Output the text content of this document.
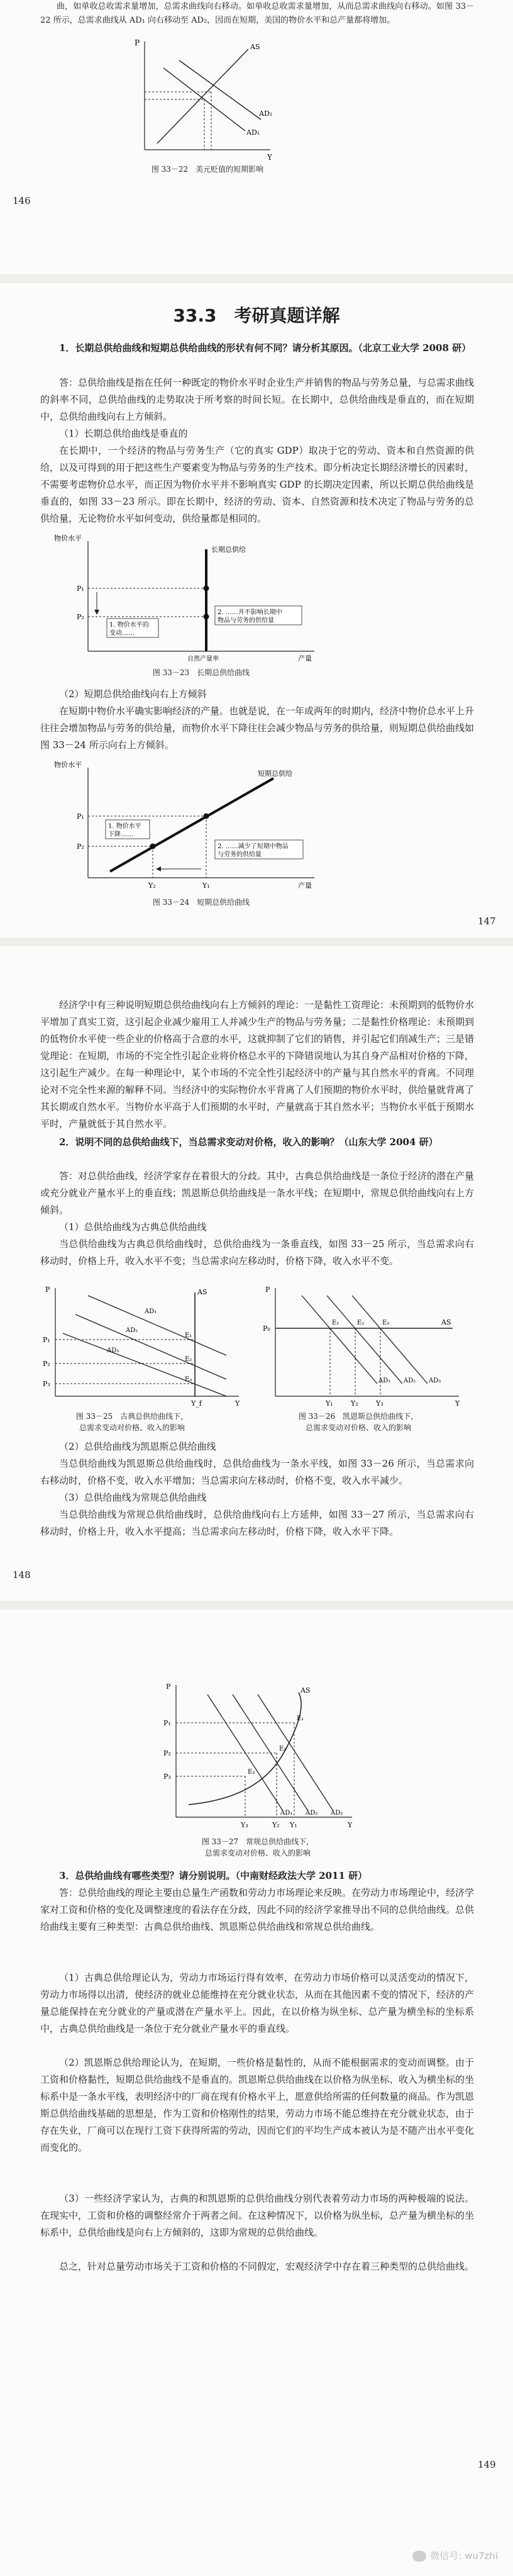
曲，如单收总收需求量增加，总需求曲线向右移动。如单收总收需求量增加，从而总需求曲线向右移动。如图 33－22 所示，总需求曲线从 AD₁ 向右移动至 AD₂，因而在短期，美国的物价水平和总产量都将增加。
P
Y
AS
AD₁
AD₂
图 33－22　美元贬值的短期影响
146
33.3　考研真题详解
1．长期总供给曲线和短期总供给曲线的形状有何不同？请分析其原因。（北京工业大学 2008 研）
答：总供给曲线是指在任何一种既定的物价水平时企业生产并销售的物品与劳务总量，与总需求曲线的斜率不同，总供给曲线的走势取决于所考察的时间长短。在长期中，总供给曲线是垂直的，而在短期中，总供给曲线向右上方倾斜。
（1）长期总供给曲线是垂直的
在长期中，一个经济的物品与劳务生产（它的真实 GDP）取决于它的劳动、资本和自然资源的供给，以及可得到的用于把这些生产要素变为物品与劳务的生产技术。即分析决定长期经济增长的因素时，不需要考虑物价总水平，而正因为物价水平并不影响真实 GDP 的长期决定因素，所以长期总供给曲线是垂直的，如图 33－23 所示。即在长期中，经济的劳动、资本、自然资源和技术决定了物品与劳务的总供给量，无论物价水平如何变动，供给量都是相同的。
物价水平
产量
长期总供给
自然产量率
P₁
P₂
1. 物价水平的
变动……
2. ……并不影响长期中
物品与劳务的供给量
图 33－23　长期总供给曲线
（2）短期总供给曲线向右上方倾斜
在短期中物价水平确实影响经济的产量。也就是说，在一年或两年的时期内，经济中物价总水平上升往往会增加物品与劳务的供给量，而物价水平下降往往会减少物品与劳务的供给量，则短期总供给曲线如图 33－24 所示向右上方倾斜。
物价水平
产量
短期总供给
P₁
P₂
Y₂	Y₁
1. 物价水平
下降……
2. ……减少了短期中物品
与劳务的供给量
图 33－24　短期总供给曲线
147
经济学中有三种说明短期总供给曲线向右上方倾斜的理论：一是黏性工资理论：未预期到的低物价水平增加了真实工资，这引起企业减少雇用工人并减少生产的物品与劳务量；二是黏性价格理论：未预期到的低物价水平使一些企业的价格高于合意的水平，这就抑制了它们的销售，并引起它们削减生产；三是错觉理论：在短期，市场的不完全性引起企业将价格总水平的下降错误地认为其自身产品相对价格的下降，这引起生产减少。在每一种理论中，某个市场的不完全性引起经济中的产量与其自然水平的背离。不同理论对不完全性来源的解释不同。当经济中的实际物价水平背离了人们预期的物价水平时，供给量就背离了其长期或自然水平。当物价水平高于人们预期的水平时，产量就高于其自然水平；当物价水平低于预期水平时，产量就低于其自然水平。
2．说明不同的总供给曲线下，当总需求变动对价格，收入的影响？（山东大学 2004 研）
答：对总供给曲线，经济学家存在着很大的分歧。其中，古典总供给曲线是一条位于经济的潜在产量或充分就业产量水平上的垂直线；凯恩斯总供给曲线是一条水平线；在短期中，常规总供给曲线向右上方倾斜。
（1）总供给曲线为古典总供给曲线
当总供给曲线为古典总供给曲线时，总供给曲线为一条垂直线，如图 33－25 所示，当总需求向右移动时，价格上升，收入水平不变；当总需求向左移动时，价格下降，收入水平不变。
P
Y
AS
AD₁
AD₂
AD₃
P₁
P₂
P₃
E₁
E₂
E₃
Y_f
图 33－25　古典总供给曲线下，
总需求变动对价格、收入的影响
P
Y
AS
AD₁ AD₂ AD₃
P₀
E₁	E₂	E₃
Y₁	Y₂	Y₃
图 33－26　凯恩斯总供给曲线下，
总需求变动对价格、收入的影响
（2）总供给曲线为凯恩斯总供给曲线
当总供给曲线为凯恩斯总供给曲线时，总供给曲线为一条水平线，如图 33－26 所示，当总需求向右移动时，价格不变，收入水平增加；当总需求向左移动时，价格不变，收入水平减少。
（3）总供给曲线为常规总供给曲线
当总供给曲线为常规总供给曲线时，总供给曲线向右上方延伸，如图 33－27 所示，当总需求向右移动时，价格上升，收入水平提高；当总需求向左移动时，价格下降，收入水平下降。
148
P
Y
AS
AD₁ AD₂ AD₃
P₁
P₂
P₃
E₁
E₂
E₃
Y₃	Y₂ Y₁
图 33－27　常规总供给曲线下，
总需求变动对价格、收入的影响
3．总供给曲线有哪些类型？请分别说明。（中南财经政法大学 2011 研）
答：总供给曲线的理论主要由总量生产函数和劳动力市场理论来反映。在劳动力市场理论中，经济学家对工资和价格的变化及调整速度的看法存在分歧，因此不同的经济学家推导出不同的总供给曲线。总供给曲线主要有三种类型：古典总供给曲线、凯恩斯总供给曲线和常规总供给曲线。
（1）古典总供给理论认为，劳动力市场运行得有效率，在劳动力市场价格可以灵活变动的情况下，劳动力市场得以出清，使经济的就业总能维持在充分就业状态，从而在其他因素不变的情况下，经济的产量总能保持在充分就业的产量或潜在产量水平上。因此，在以价格为纵坐标、总产量为横坐标的坐标系中，古典总供给曲线是一条位于充分就业产量水平的垂直线。
（2）凯恩斯总供给理论认为，在短期，一些价格是黏性的，从而不能根据需求的变动而调整。由于工资和价格黏性，短期总供给曲线不是垂直的。凯恩斯总供给曲线在以价格为纵坐标、收入为横坐标的坐标系中是一条水平线，表明经济中的厂商在现有价格水平上，愿意供给所需的任何数量的商品。作为凯恩斯总供给曲线基础的思想是，作为工资和价格刚性的结果，劳动力市场不能总维持在充分就业状态，由于存在失业，厂商可以在现行工资下获得所需的劳动，因而它们的平均生产成本被认为是不随产出水平变化而变化的。
（3）一些经济学家认为，古典的和凯恩斯的总供给曲线分别代表着劳动力市场的两种极端的说法。在现实中，工资和价格的调整经常介于两者之间。在这种情况下，以价格为纵坐标，总产量为横坐标的坐标系中，总供给曲线是向右上方倾斜的，这即为常规的总供给曲线。
总之，针对总量劳动市场关于工资和价格的不同假定，宏观经济学中存在着三种类型的总供给曲线。
149
微信号: wu7zhi
